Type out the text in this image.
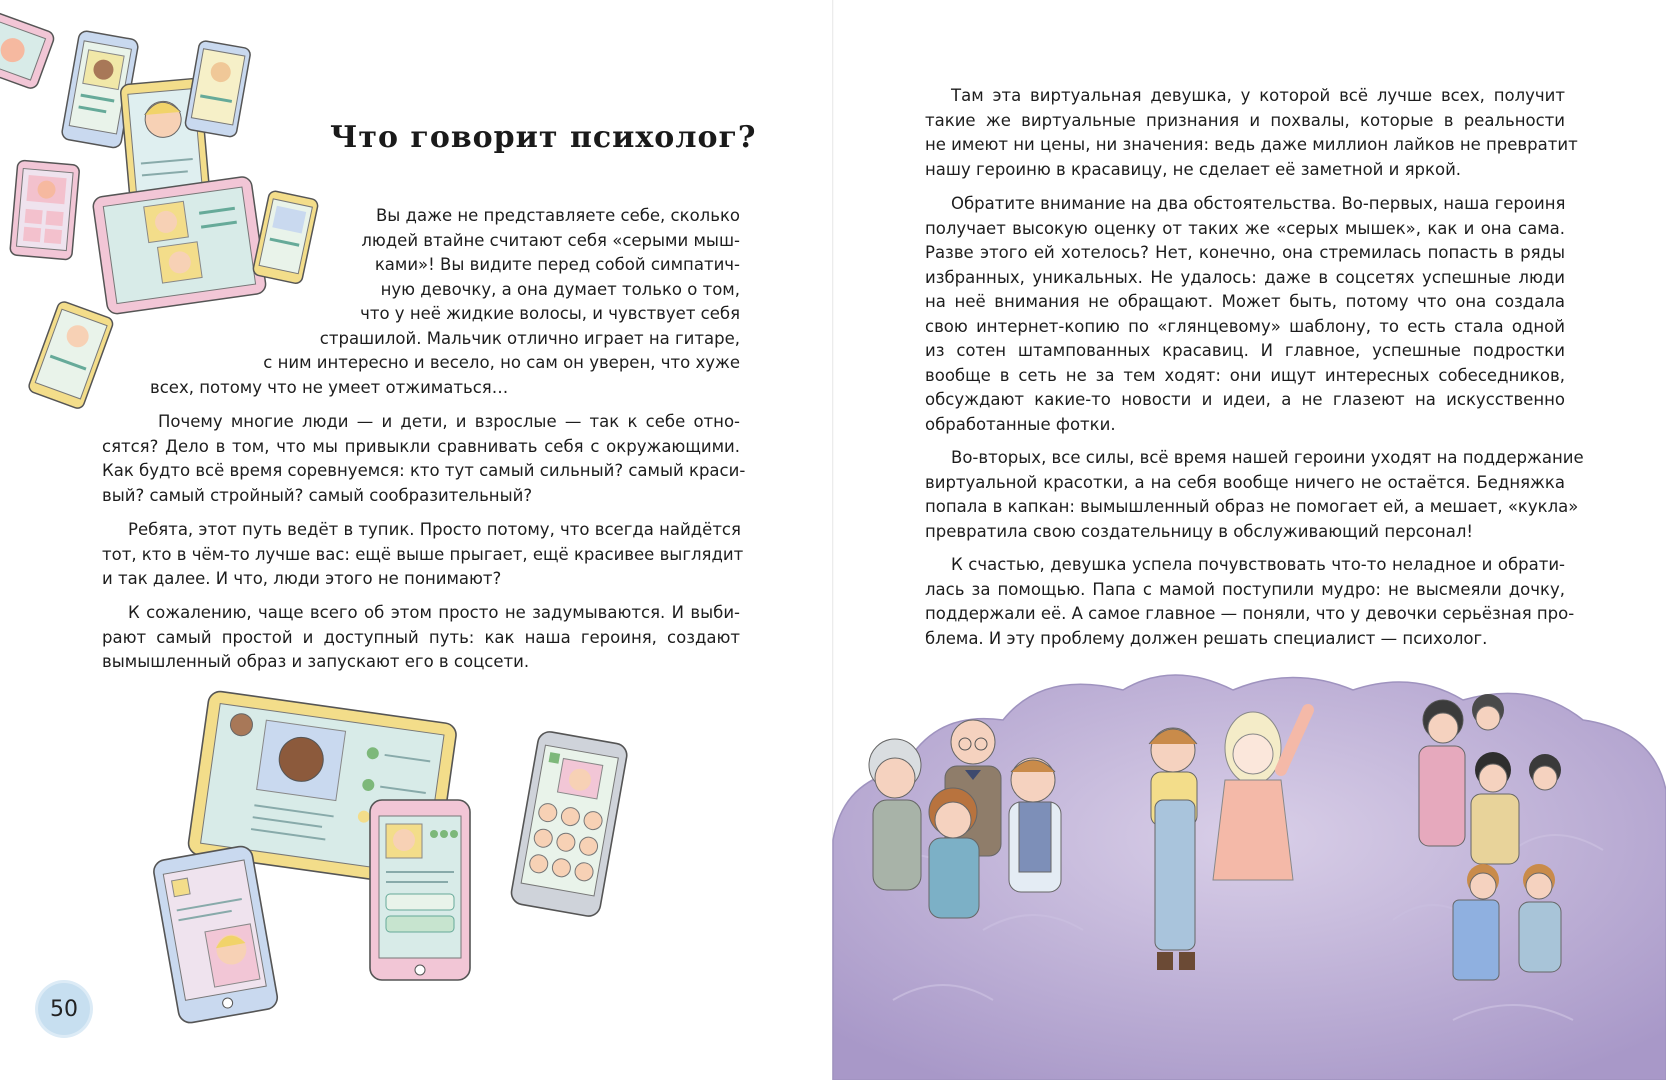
Что говорит психолог?
Вы даже не представляете себе, сколько
людей втайне считают себя «серыми мыш-
ками»! Вы видите перед собой симпатич-
ную девочку, а она думает только о том,
что у неё жидкие волосы, и чувствует себя
страшилой. Мальчик отлично играет на гитаре,
с ним интересно и весело, но сам он уверен, что хуже
всех, потому что не умеет отжиматься…
Почему многие люди — и дети, и взрослые — так к себе отно-
сятся? Дело в том, что мы привыкли сравнивать себя с окружающими.
Как будто всё время соревнуемся: кто тут самый сильный? самый краси-
вый? самый стройный? самый сообразительный?
Ребята, этот путь ведёт в тупик. Просто потому, что всегда найдётся
тот, кто в чём-то лучше вас: ещё выше прыгает, ещё красивее выглядит
и так далее. И что, люди этого не понимают?
К сожалению, чаще всего об этом просто не задумываются. И выби-
рают самый простой и доступный путь: как наша героиня, создают
вымышленный образ и запускают его в соцсети.
50
Там эта виртуальная девушка, у которой всё лучше всех, получит
такие же виртуальные признания и похвалы, которые в реальности
не имеют ни цены, ни значения: ведь даже миллион лайков не превратит
нашу героиню в красавицу, не сделает её заметной и яркой.
Обратите внимание на два обстоятельства. Во-первых, наша героиня
получает высокую оценку от таких же «серых мышек», как и она сама.
Разве этого ей хотелось? Нет, конечно, она стремилась попасть в ряды
избранных, уникальных. Не удалось: даже в соцсетях успешные люди
на неё внимания не обращают. Может быть, потому что она создала
свою интернет-копию по «глянцевому» шаблону, то есть стала одной
из сотен штампованных красавиц. И главное, успешные подростки
вообще в сеть не за тем ходят: они ищут интересных собеседников,
обсуждают какие-то новости и идеи, а не глазеют на искусственно
обработанные фотки.
Во-вторых, все силы, всё время нашей героини уходят на поддержание
виртуальной красотки, а на себя вообще ничего не остаётся. Бедняжка
попала в капкан: вымышленный образ не помогает ей, а мешает, «кукла»
превратила свою создательницу в обслуживающий персонал!
К счастью, девушка успела почувствовать что-то неладное и обрати-
лась за помощью. Папа с мамой поступили мудро: не высмеяли дочку,
поддержали её. А самое главное — поняли, что у девочки серьёзная про-
блема. И эту проблему должен решать специалист — психолог.
